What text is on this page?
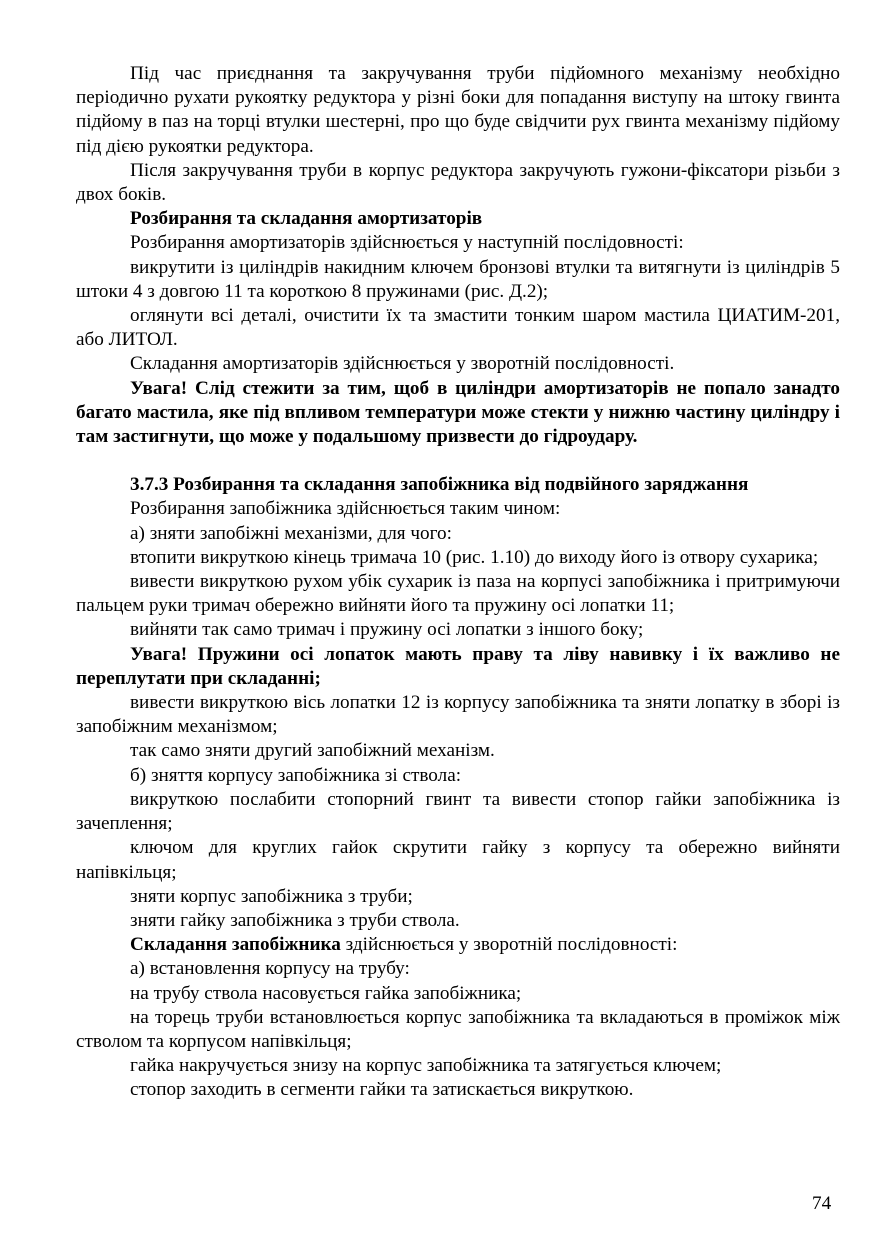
Під час приєднання та закручування труби підйомного механізму необхідно періодично рухати рукоятку редуктора у різні боки для попадання виступу на штоку гвинта підйому в паз на торці втулки шестерні, про що буде свідчити рух гвинта механізму підйому під дією рукоятки редуктора.

Після закручування труби в корпус редуктора закручують гужони-фіксатори різьби з двох боків.

Розбирання та складання амортизаторів

Розбирання амортизаторів здійснюється у наступній послідовності:

викрутити із циліндрів накидним ключем бронзові втулки та витягнути із циліндрів 5 штоки 4 з довгою 11 та короткою 8 пружинами (рис. Д.2);

оглянути всі деталі, очистити їх та змастити тонким шаром мастила ЦИАТИМ-201, або ЛИТОЛ.

Складання амортизаторів здійснюється у зворотній послідовності.

Увага! Слід стежити за тим, щоб в циліндри амортизаторів не попало занадто багато мастила, яке під впливом температури може стекти у нижню частину циліндру і там застигнути, що може у подальшому призвести до гідроудару.

3.7.3 Розбирання та складання запобіжника від подвійного заряджання

Розбирання запобіжника здійснюється таким чином:

а) зняти запобіжні механізми, для чого:

втопити викруткою кінець тримача 10 (рис. 1.10) до виходу його із отвору сухарика;

вивести викруткою рухом убік сухарик із паза на корпусі запобіжника і притримуючи пальцем руки тримач обережно вийняти його та пружину осі лопатки 11;

вийняти так само тримач і пружину осі лопатки з іншого боку;

Увага! Пружини осі лопаток мають праву та ліву навивку і їх важливо не переплутати при складанні;

вивести викруткою вісь лопатки 12 із корпусу запобіжника та зняти лопатку в зборі із запобіжним механізмом;

так само зняти другий запобіжний механізм.

б) зняття корпусу запобіжника зі ствола:

викруткою послабити стопорний гвинт та вивести стопор гайки запобіжника із зачеплення;

ключом для круглих гайок скрутити гайку з корпусу та обережно вийняти напівкільця;

зняти корпус запобіжника з труби;

зняти гайку запобіжника з труби ствола.

Складання запобіжника здійснюється у зворотній послідовності:

а) встановлення корпусу на трубу:

на трубу ствола насовується гайка запобіжника;

на торець труби встановлюється корпус запобіжника та вкладаються в проміжок між стволом та корпусом напівкільця;

гайка накручується знизу на корпус запобіжника та затягується ключем;

стопор заходить в сегменти гайки та затискається викруткою.

74
